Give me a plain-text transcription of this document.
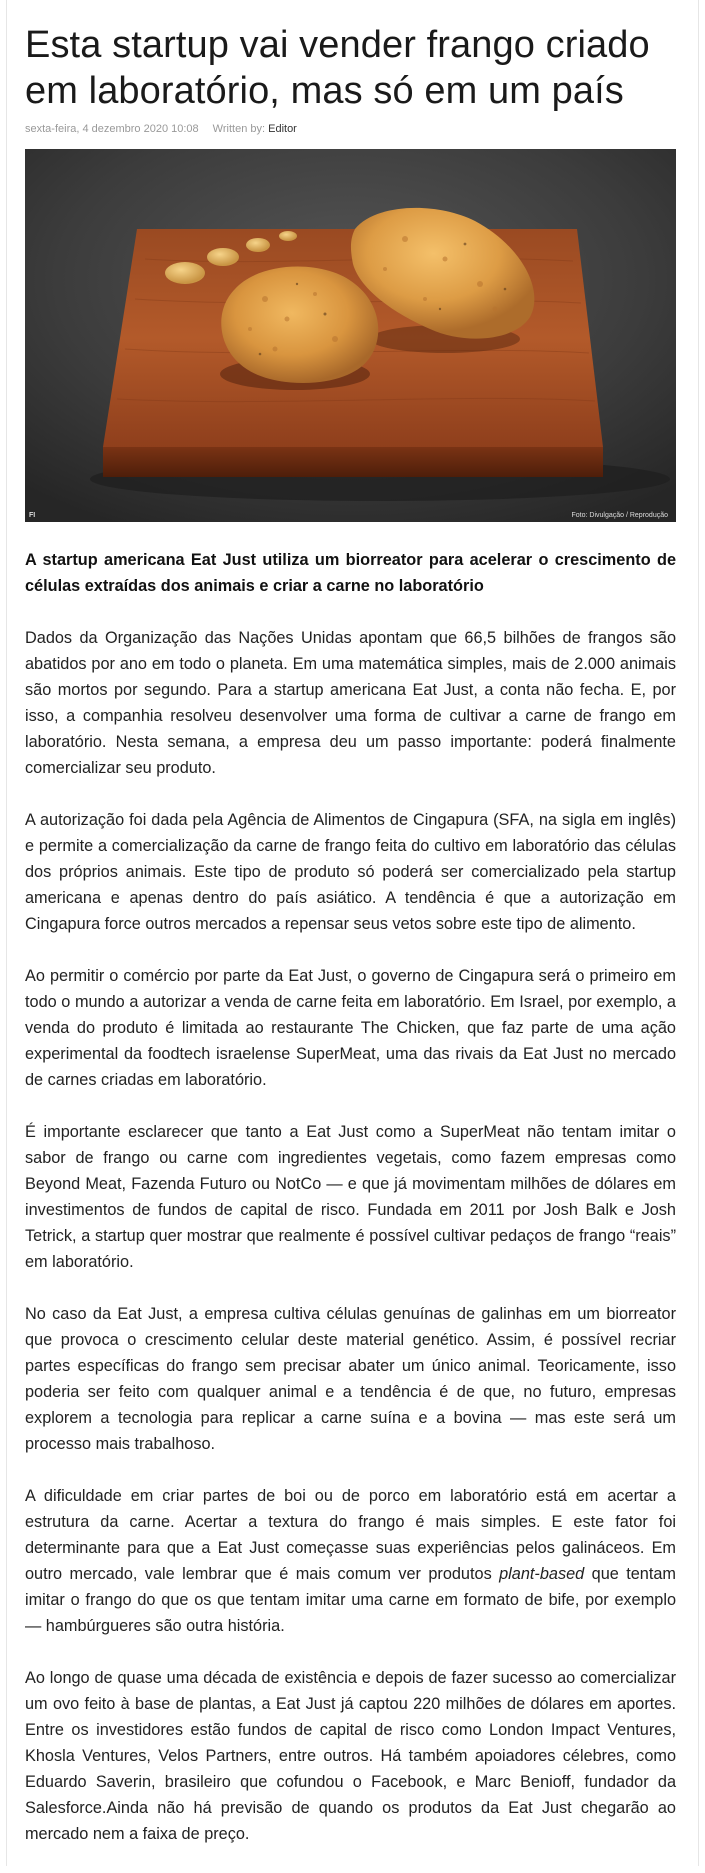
Esta startup vai vender frango criado em laboratório, mas só em um país
sexta-feira, 4 dezembro 2020 10:08 Written by: Editor
FI	Foto: Divulgação / Reprodução

A startup americana Eat Just utiliza um biorreator para acelerar o crescimento de células extraídas dos animais e criar a carne no laboratório

Dados da Organização das Nações Unidas apontam que 66,5 bilhões de frangos são abatidos por ano em todo o planeta. Em uma matemática simples, mais de 2.000 animais são mortos por segundo. Para a startup americana Eat Just, a conta não fecha. E, por isso, a companhia resolveu desenvolver uma forma de cultivar a carne de frango em laboratório. Nesta semana, a empresa deu um passo importante: poderá finalmente comercializar seu produto.

A autorização foi dada pela Agência de Alimentos de Cingapura (SFA, na sigla em inglês) e permite a comercialização da carne de frango feita do cultivo em laboratório das células dos próprios animais. Este tipo de produto só poderá ser comercializado pela startup americana e apenas dentro do país asiático. A tendência é que a autorização em Cingapura force outros mercados a repensar seus vetos sobre este tipo de alimento.

Ao permitir o comércio por parte da Eat Just, o governo de Cingapura será o primeiro em todo o mundo a autorizar a venda de carne feita em laboratório. Em Israel, por exemplo, a venda do produto é limitada ao restaurante The Chicken, que faz parte de uma ação experimental da foodtech israelense SuperMeat, uma das rivais da Eat Just no mercado de carnes criadas em laboratório.

É importante esclarecer que tanto a Eat Just como a SuperMeat não tentam imitar o sabor de frango ou carne com ingredientes vegetais, como fazem empresas como Beyond Meat, Fazenda Futuro ou NotCo — e que já movimentam milhões de dólares em investimentos de fundos de capital de risco. Fundada em 2011 por Josh Balk e Josh Tetrick, a startup quer mostrar que realmente é possível cultivar pedaços de frango “reais” em laboratório.

No caso da Eat Just, a empresa cultiva células genuínas de galinhas em um biorreator que provoca o crescimento celular deste material genético. Assim, é possível recriar partes específicas do frango sem precisar abater um único animal. Teoricamente, isso poderia ser feito com qualquer animal e a tendência é de que, no futuro, empresas explorem a tecnologia para replicar a carne suína e a bovina — mas este será um processo mais trabalhoso.

A dificuldade em criar partes de boi ou de porco em laboratório está em acertar a estrutura da carne. Acertar a textura do frango é mais simples. E este fator foi determinante para que a Eat Just começasse suas experiências pelos galináceos. Em outro mercado, vale lembrar que é mais comum ver produtos plant-based que tentam imitar o frango do que os que tentam imitar uma carne em formato de bife, por exemplo — hambúrgueres são outra história.

Ao longo de quase uma década de existência e depois de fazer sucesso ao comercializar um ovo feito à base de plantas, a Eat Just já captou 220 milhões de dólares em aportes. Entre os investidores estão fundos de capital de risco como London Impact Ventures, Khosla Ventures, Velos Partners, entre outros. Há também apoiadores célebres, como Eduardo Saverin, brasileiro que cofundou o Facebook, e Marc Benioff, fundador da Salesforce.Ainda não há previsão de quando os produtos da Eat Just chegarão ao mercado nem a faixa de preço.
